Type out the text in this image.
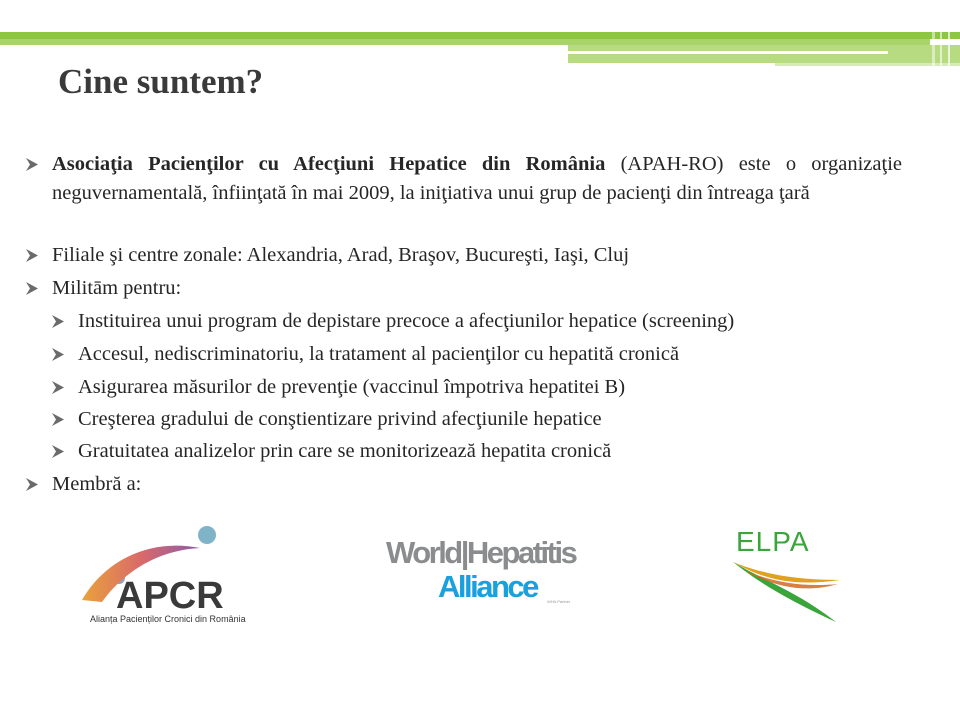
Cine suntem?
Asociaţia Pacienţilor cu Afecţiuni Hepatice din România (APAH-RO) este o organizaţie neguvernamentală, înfiinţată în mai 2009, la iniţiativa unui grup de pacienţi din întreaga ţară
Filiale şi centre zonale: Alexandria, Arad, Braşov, Bucureşti, Iaşi, Cluj
Militām pentru:
Instituirea unui program de depistare precoce a afecţiunilor hepatice (screening)
Accesul, nediscriminatoriu, la tratament al pacienţilor cu hepatită cronică
Asigurarea măsurilor de prevenţie (vaccinul împotriva hepatitei B)
Creşterea gradului de conştientizare privind afecţiunile hepatice
Gratuitatea analizelor prin care se monitorizează hepatita cronică
Membră a:
APCR
Alianța Pacienților Cronici din România
World|Hepatitis
Alliance	WHA Partner
ELPA
